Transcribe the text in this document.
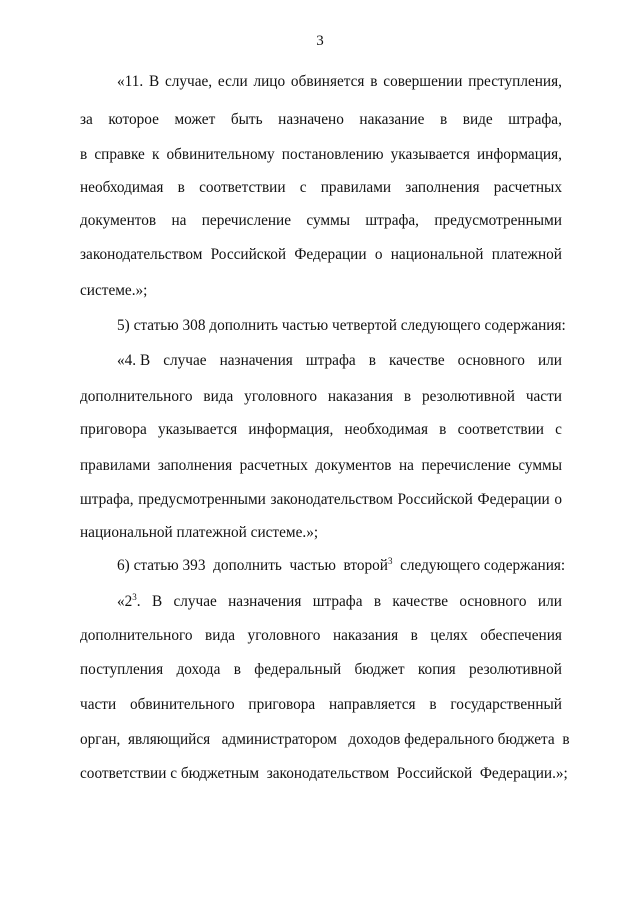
3
«11. В случае, если лицо обвиняется в совершении преступления,
за которое может быть назначено наказание в виде штрафа,
в справке к обвинительному постановлению указывается информация,
необходимая в соответствии с правилами заполнения расчетных
документов на перечисление суммы штрафа, предусмотренными
законодательством Российской Федерации о национальной платежной
системе.»;
5) статью 308 дополнить частью четвертой следующего содержания:
«4. В случае назначения штрафа в качестве основного или
дополнительного вида уголовного наказания в резолютивной части
приговора указывается информация, необходимая в соответствии с
правилами заполнения расчетных документов на перечисление суммы
штрафа, предусмотренными законодательством Российской Федерации о
национальной платежной системе.»;
6) статью 393  дополнить  частью  второй$^3$  следующего содержания:
«$2^3$. В случае назначения штрафа в качестве основного или
дополнительного вида уголовного наказания в целях обеспечения
поступления дохода в федеральный бюджет копия резолютивной
части обвинительного приговора направляется в государственный
орган,  являющийся   администратором   доходов федерального бюджета  в
соответствии с бюджетным  законодательством  Российской  Федерации.»;
